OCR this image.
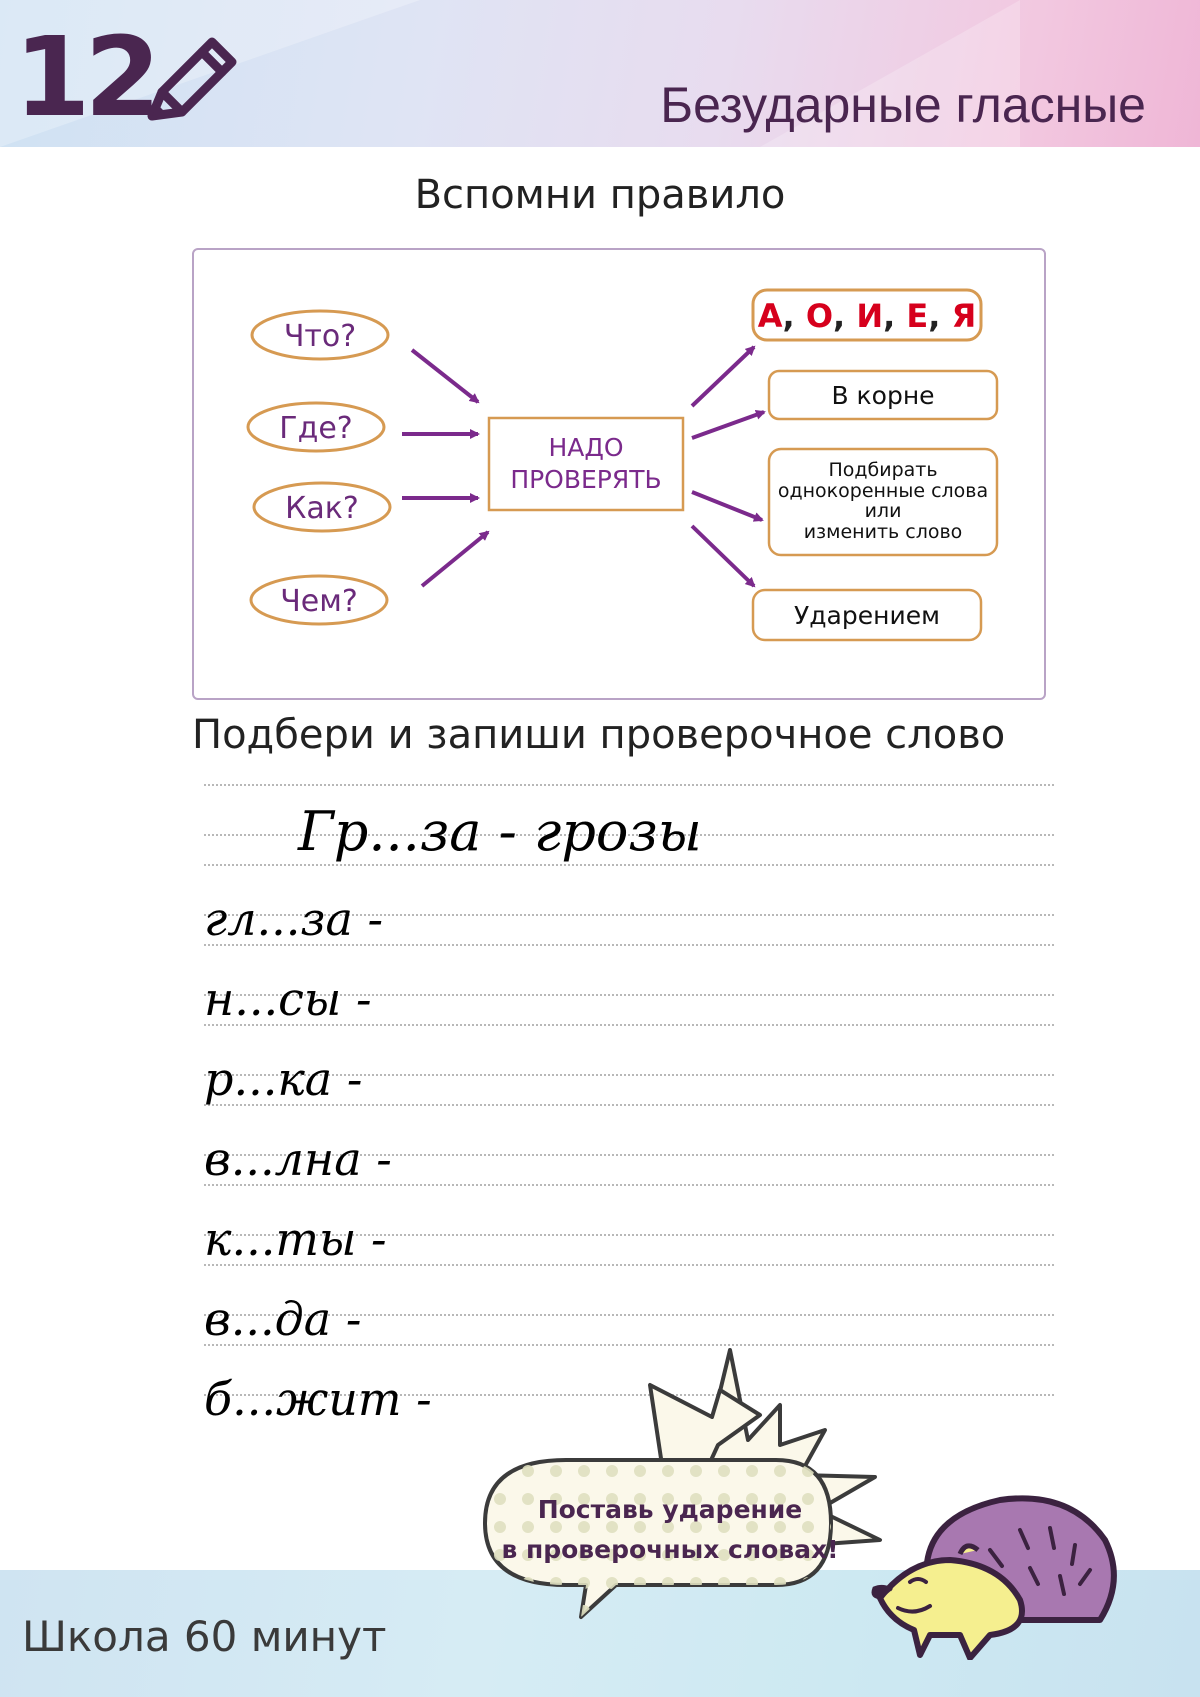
12	Безударные гласные
Вспомни правило
Что?
Где?
Как?
Чем?
НАДО
ПРОВЕРЯТЬ
А, О, И, Е, Я
В корне
Подбирать
однокоренные слова
или
изменить слово
Ударением
Подбери и запиши проверочное слово
Гр...за - грозы
гл...за -
н...сы -
р...ка -
в...лна -
к...ты -
в...да -
б...жит -
Школа 60 минут
Поставь ударение
в проверочных словах!
